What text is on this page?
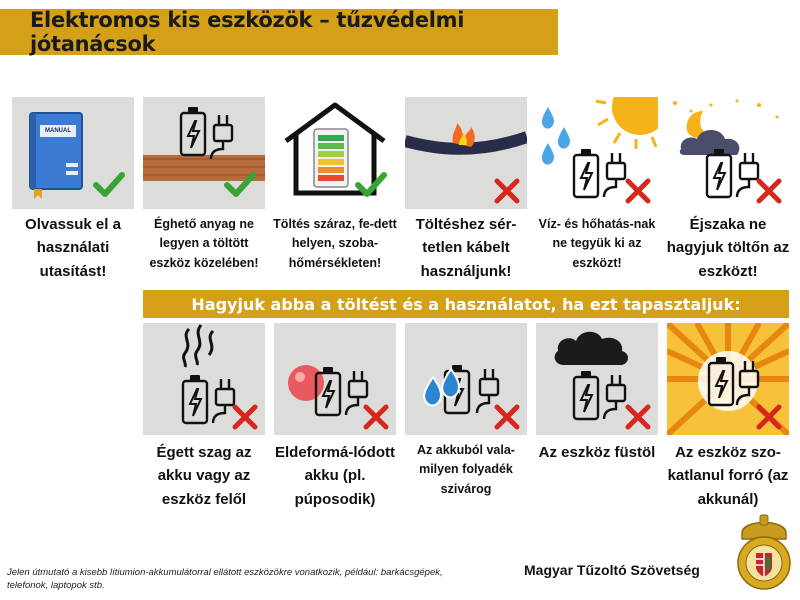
Elektromos kis eszközök – tűzvédelmi jótanácsok
MANUAL
Olvassuk el a használati utasítást!
Éghető anyag ne legyen a töltött eszköz közelében!
Töltés száraz, fe-dett helyen, szoba-hőmérsékleten!
Töltéshez sér-tetlen kábelt használjunk!
Víz- és hőhatás-nak ne tegyük ki az eszközt!
Éjszaka ne hagyjuk töltőn az eszközt!
Hagyjuk abba a töltést és a használatot, ha ezt tapasztaljuk:
Égett szag az akku vagy az eszköz felől
Eldeformá-lódott akku (pl. púposodik)
Az akkuból vala-milyen folyadék szivárog
Az eszköz füstöl	Az eszköz szo-katlanul forró (az akkunál)
Jelen útmutató a kisebb lítiumion-akkumulátorral ellátott eszközökre vonatkozik, például: barkácsgépek, telefonok, laptopok stb.
Magyar Tűzoltó Szövetség
